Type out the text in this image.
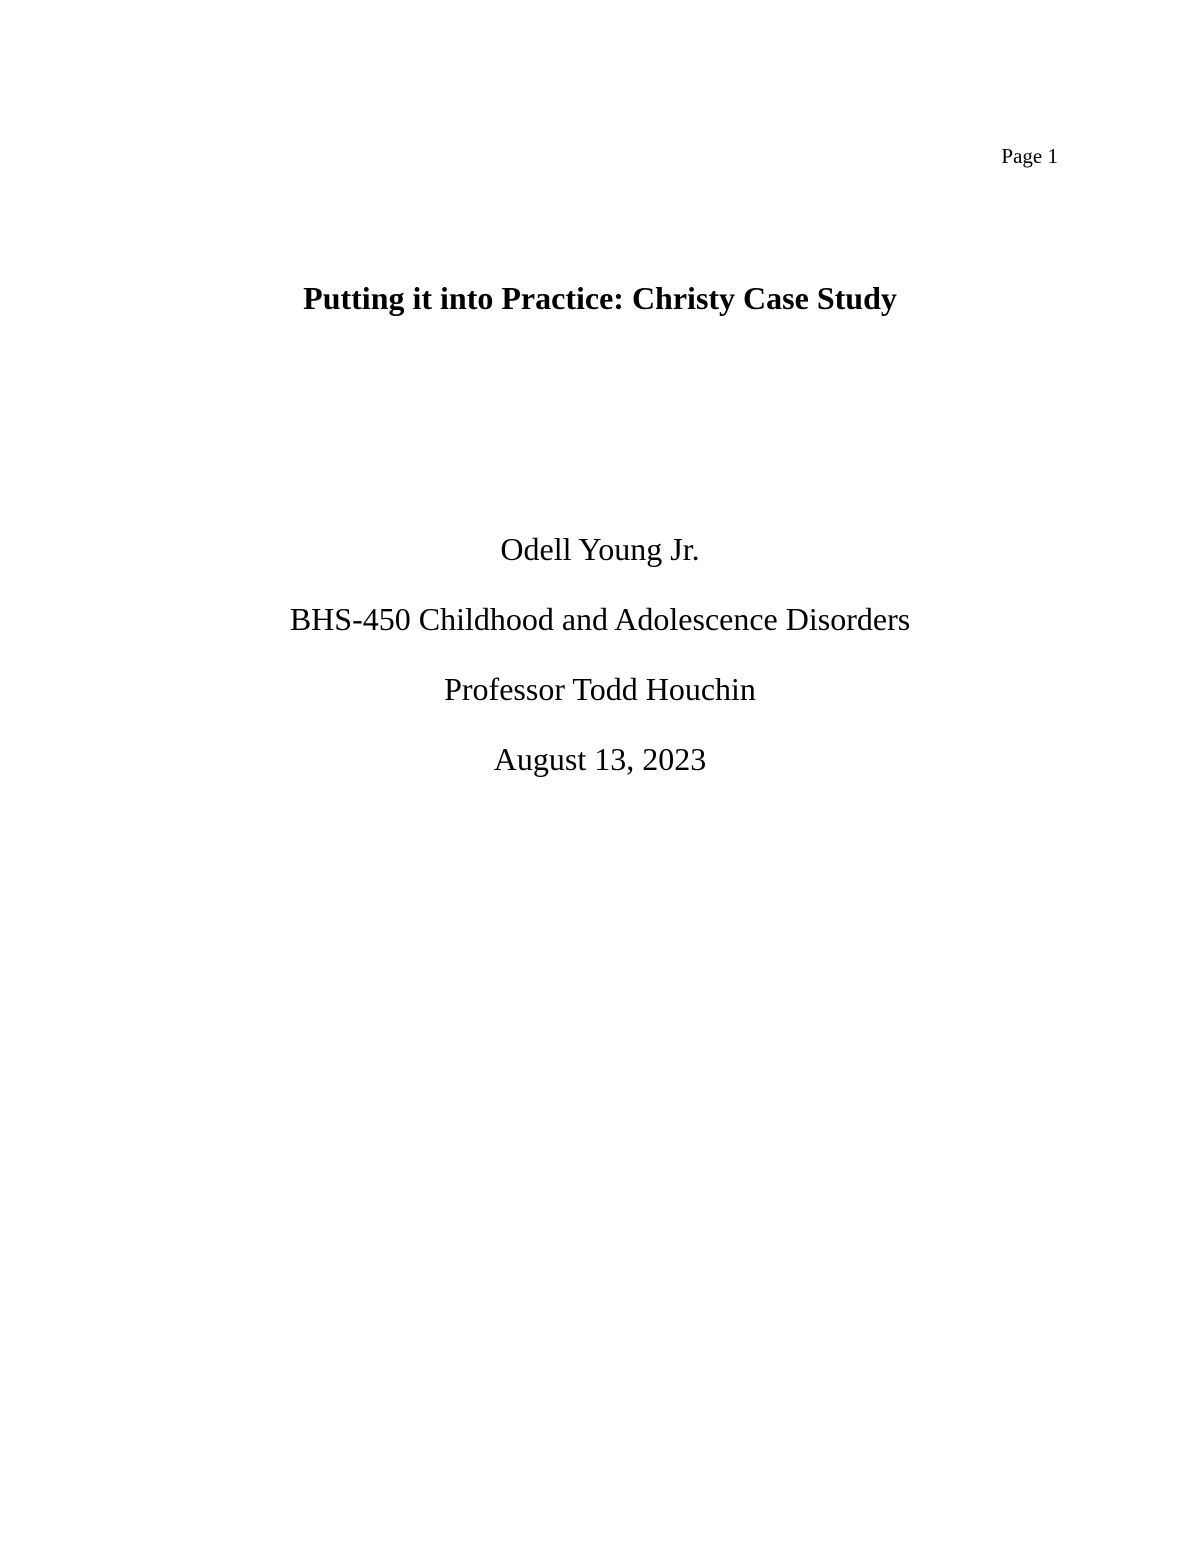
Page 1
Putting it into Practice: Christy Case Study
Odell Young Jr.
BHS-450 Childhood and Adolescence Disorders
Professor Todd Houchin
August 13, 2023
